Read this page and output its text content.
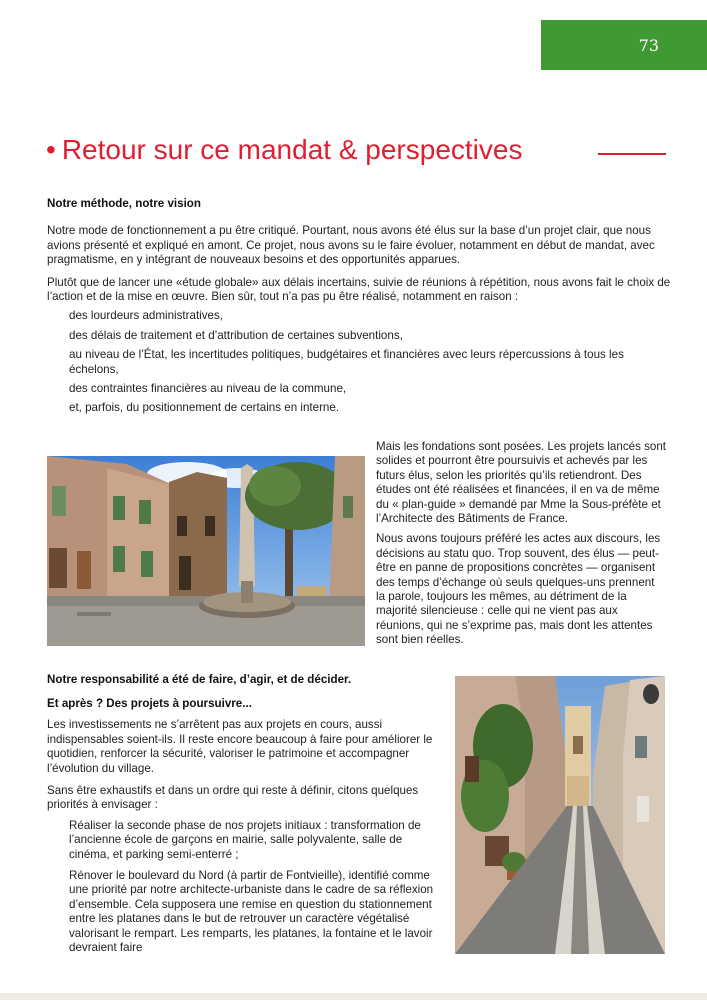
73
• Retour sur ce mandat & perspectives

Notre méthode, notre vision

Notre mode de fonctionnement a pu être critiqué. Pourtant, nous avons été élus sur la base d’un projet clair, que nous avions présenté et expliqué en amont. Ce projet, nous avons su le faire évoluer, notamment en début de mandat, avec pragmatisme, en y intégrant de nouveaux besoins et des opportunités apparues.

Plutôt que de lancer une «étude globale» aux délais incertains, suivie de réunions à répétition, nous avons fait le choix de l’action et de la mise en œuvre. Bien sûr, tout n’a pas pu être réalisé, notamment en raison :

des lourdeurs administratives,

des délais de traitement et d’attribution de certaines subventions,

au niveau de l’État, les incertitudes politiques, budgétaires et financières avec leurs répercussions à tous les échelons,

des contraintes financières au niveau de la commune,

et, parfois, du positionnement de certains en interne.

Mais les fondations sont posées. Les projets lancés sont solides et pourront être poursuivis et achevés par les futurs élus, selon les priorités qu’ils retiendront. Des études ont été réalisées et financées, il en va de même du « plan-guide » demandé par Mme la Sous-préfète et l’Architecte des Bâtiments de France.

Nous avons toujours préféré les actes aux discours, les décisions au statu quo. Trop souvent, des élus — peut-être en panne de propositions concrètes — organisent des temps d’échange où seuls quelques-uns prennent la parole, toujours les mêmes, au détriment de la majorité silencieuse : celle qui ne vient pas aux réunions, qui ne s’exprime pas, mais dont les attentes sont bien réelles.

Notre responsabilité a été de faire, d’agir, et de décider.

Et après ? Des projets à poursuivre...

Les investissements ne s’arrêtent pas aux projets en cours, aussi indispensables soient-ils. Il reste encore beaucoup à faire pour améliorer le quotidien, renforcer la sécurité, valoriser le patrimoine et accompagner l’évolution du village.

Sans être exhaustifs et dans un ordre qui reste à définir, citons quelques priorités à envisager :

Réaliser la seconde phase de nos projets initiaux : transformation de l’ancienne école de garçons en mairie, salle polyvalente, salle de cinéma, et parking semi-enterré ;

Rénover le boulevard du Nord (à partir de Fontvieille), identifié comme une priorité par notre architecte-urbaniste dans le cadre de sa réflexion d’ensemble. Cela supposera une remise en question du stationnement entre les platanes dans le but de retrouver un caractère végétalisé valorisant le rempart. Les remparts, les platanes, la fontaine et le lavoir devraient faire
